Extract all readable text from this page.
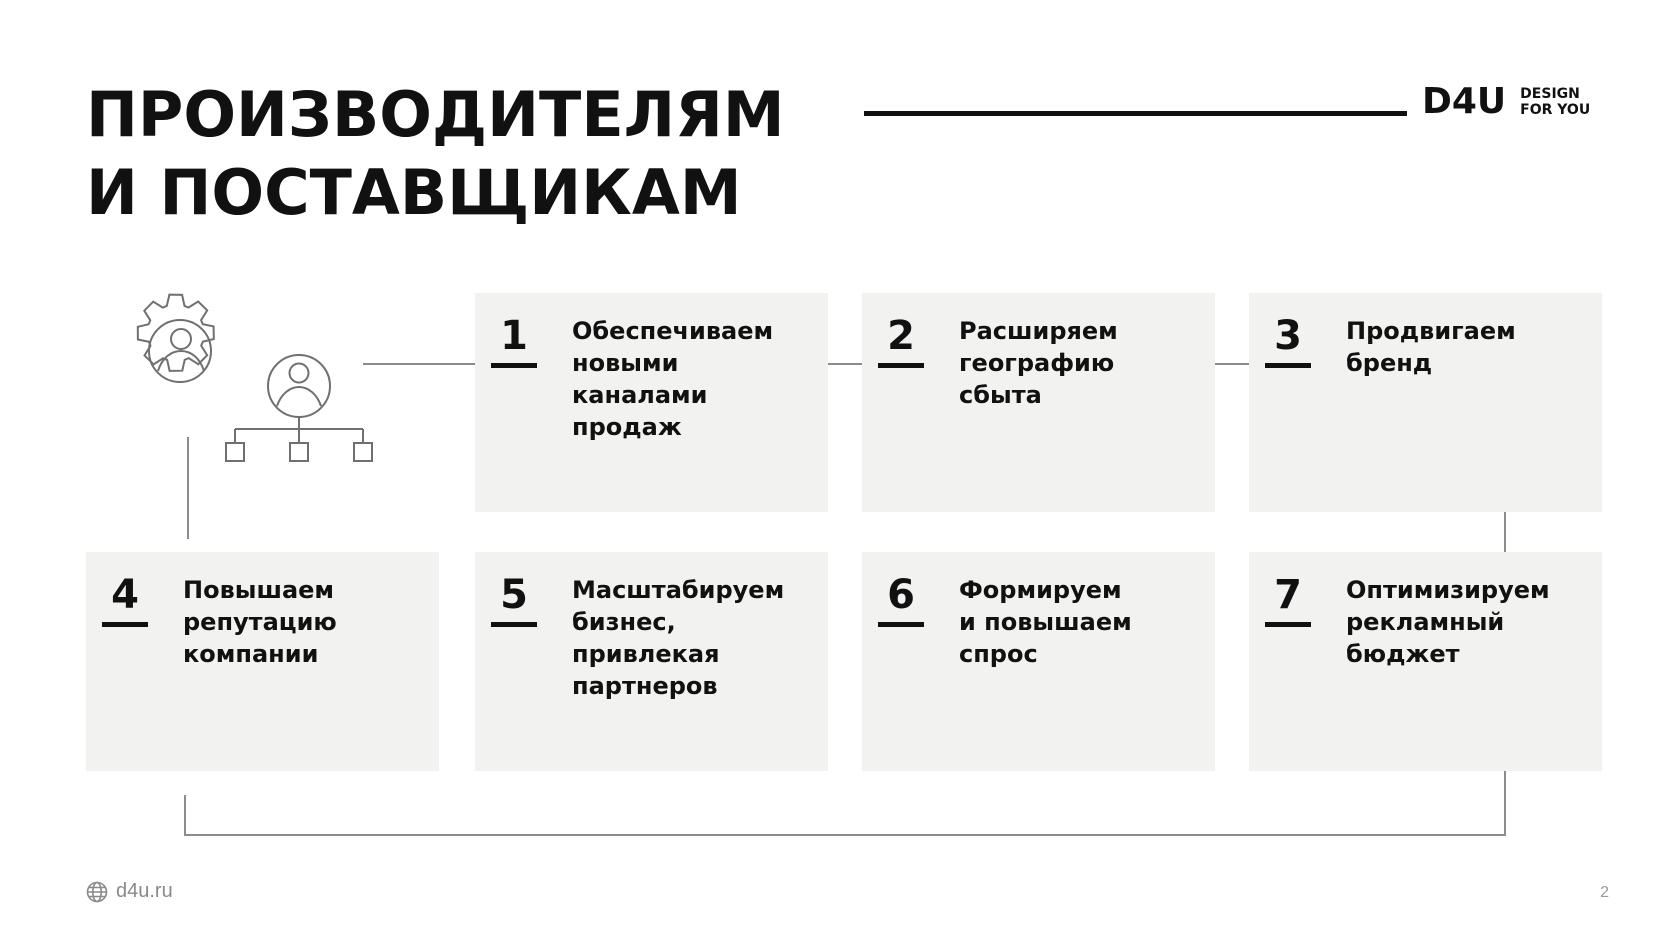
ПРОИЗВОДИТЕЛЯМ
И ПОСТАВЩИКАМ
D4U DESIGN
FOR YOU
1	Обеспечиваем
новыми
каналами
продаж
2	Расширяем
географию
сбыта
3	Продвигаем
бренд
4	Повышаем
репутацию
компании
5	Масштабируем
бизнес,
привлекая
партнеров
6	Формируем
и повышаем
спрос
7	Оптимизируем
рекламный
бюджет
d4u.ru	2
